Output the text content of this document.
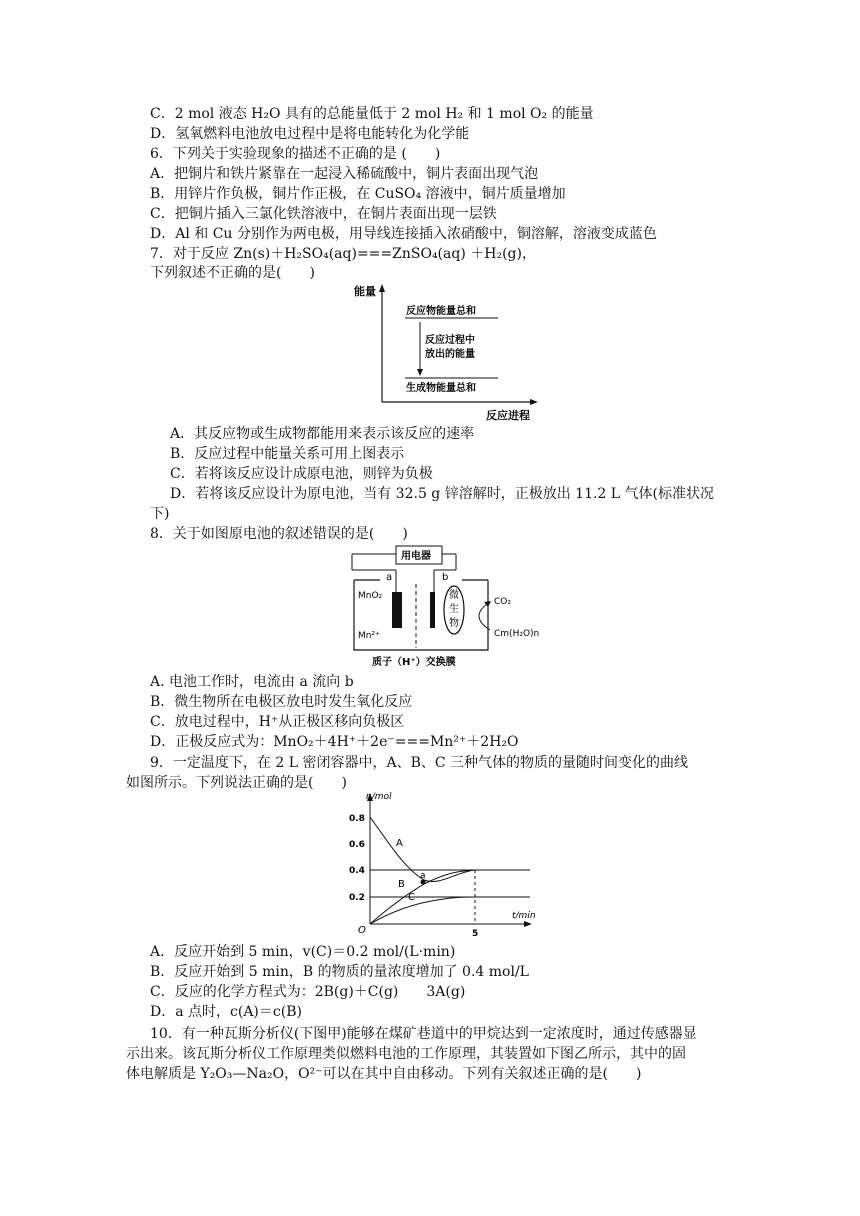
C．2 mol 液态 H₂O 具有的总能量低于 2 mol H₂ 和 1 mol O₂ 的能量
D．氢氧燃料电池放电过程中是将电能转化为化学能
6．下列关于实验现象的描述不正确的是 (　　)
A．把铜片和铁片紧靠在一起浸入稀硫酸中，铜片表面出现气泡
B．用锌片作负极，铜片作正极，在 CuSO₄ 溶液中，铜片质量增加
C．把铜片插入三氯化铁溶液中，在铜片表面出现一层铁
D．Al 和 Cu 分别作为两电极，用导线连接插入浓硝酸中，铜溶解，溶液变成蓝色
7．对于反应 Zn(s)＋H₂SO₄(aq)===ZnSO₄(aq) ＋H₂(g)，
下列叙述不正确的是(　　)
能量
反应进程
反应物能量总和
反应过程中
放出的能量
生成物能量总和
A．其反应物或生成物都能用来表示该反应的速率
B．反应过程中能量关系可用上图表示
C．若将该反应设计成原电池，则锌为负极
D．若将该反应设计为原电池，当有 32.5 g 锌溶解时，正极放出 11.2 L 气体(标准状况
下)
8．关于如图原电池的叙述错误的是(　　)
用电器
a	b
MnO₂
Mn²⁺
微
生
物
CO₂
Cm(H₂O)n
质子（H⁺）交换膜
A. 电池工作时，电流由 a 流向 b
B．微生物所在电极区放电时发生氧化反应
C．放电过程中，H⁺从正极区移向负极区
D．正极反应式为：MnO₂＋4H⁺＋2e⁻===Mn²⁺＋2H₂O
9．一定温度下，在 2 L 密闭容器中，A、B、C 三种气体的物质的量随时间变化的曲线
如图所示。下列说法正确的是(　　)
n/mol
t/min
O
0.8
0.6
0.4
0.2
5
A
B
C
a
A．反应开始到 5 min，v(C)＝0.2 mol/(L·min)
B．反应开始到 5 min，B 的物质的量浓度增加了 0.4 mol/L
C．反应的化学方程式为：2B(g)＋C(g)　　3A(g)
D．a 点时，c(A)＝c(B)
10．有一种瓦斯分析仪(下图甲)能够在煤矿巷道中的甲烷达到一定浓度时，通过传感器显
示出来。该瓦斯分析仪工作原理类似燃料电池的工作原理，其装置如下图乙所示，其中的固
体电解质是 Y₂O₃—Na₂O，O²⁻可以在其中自由移动。下列有关叙述正确的是(　　)
